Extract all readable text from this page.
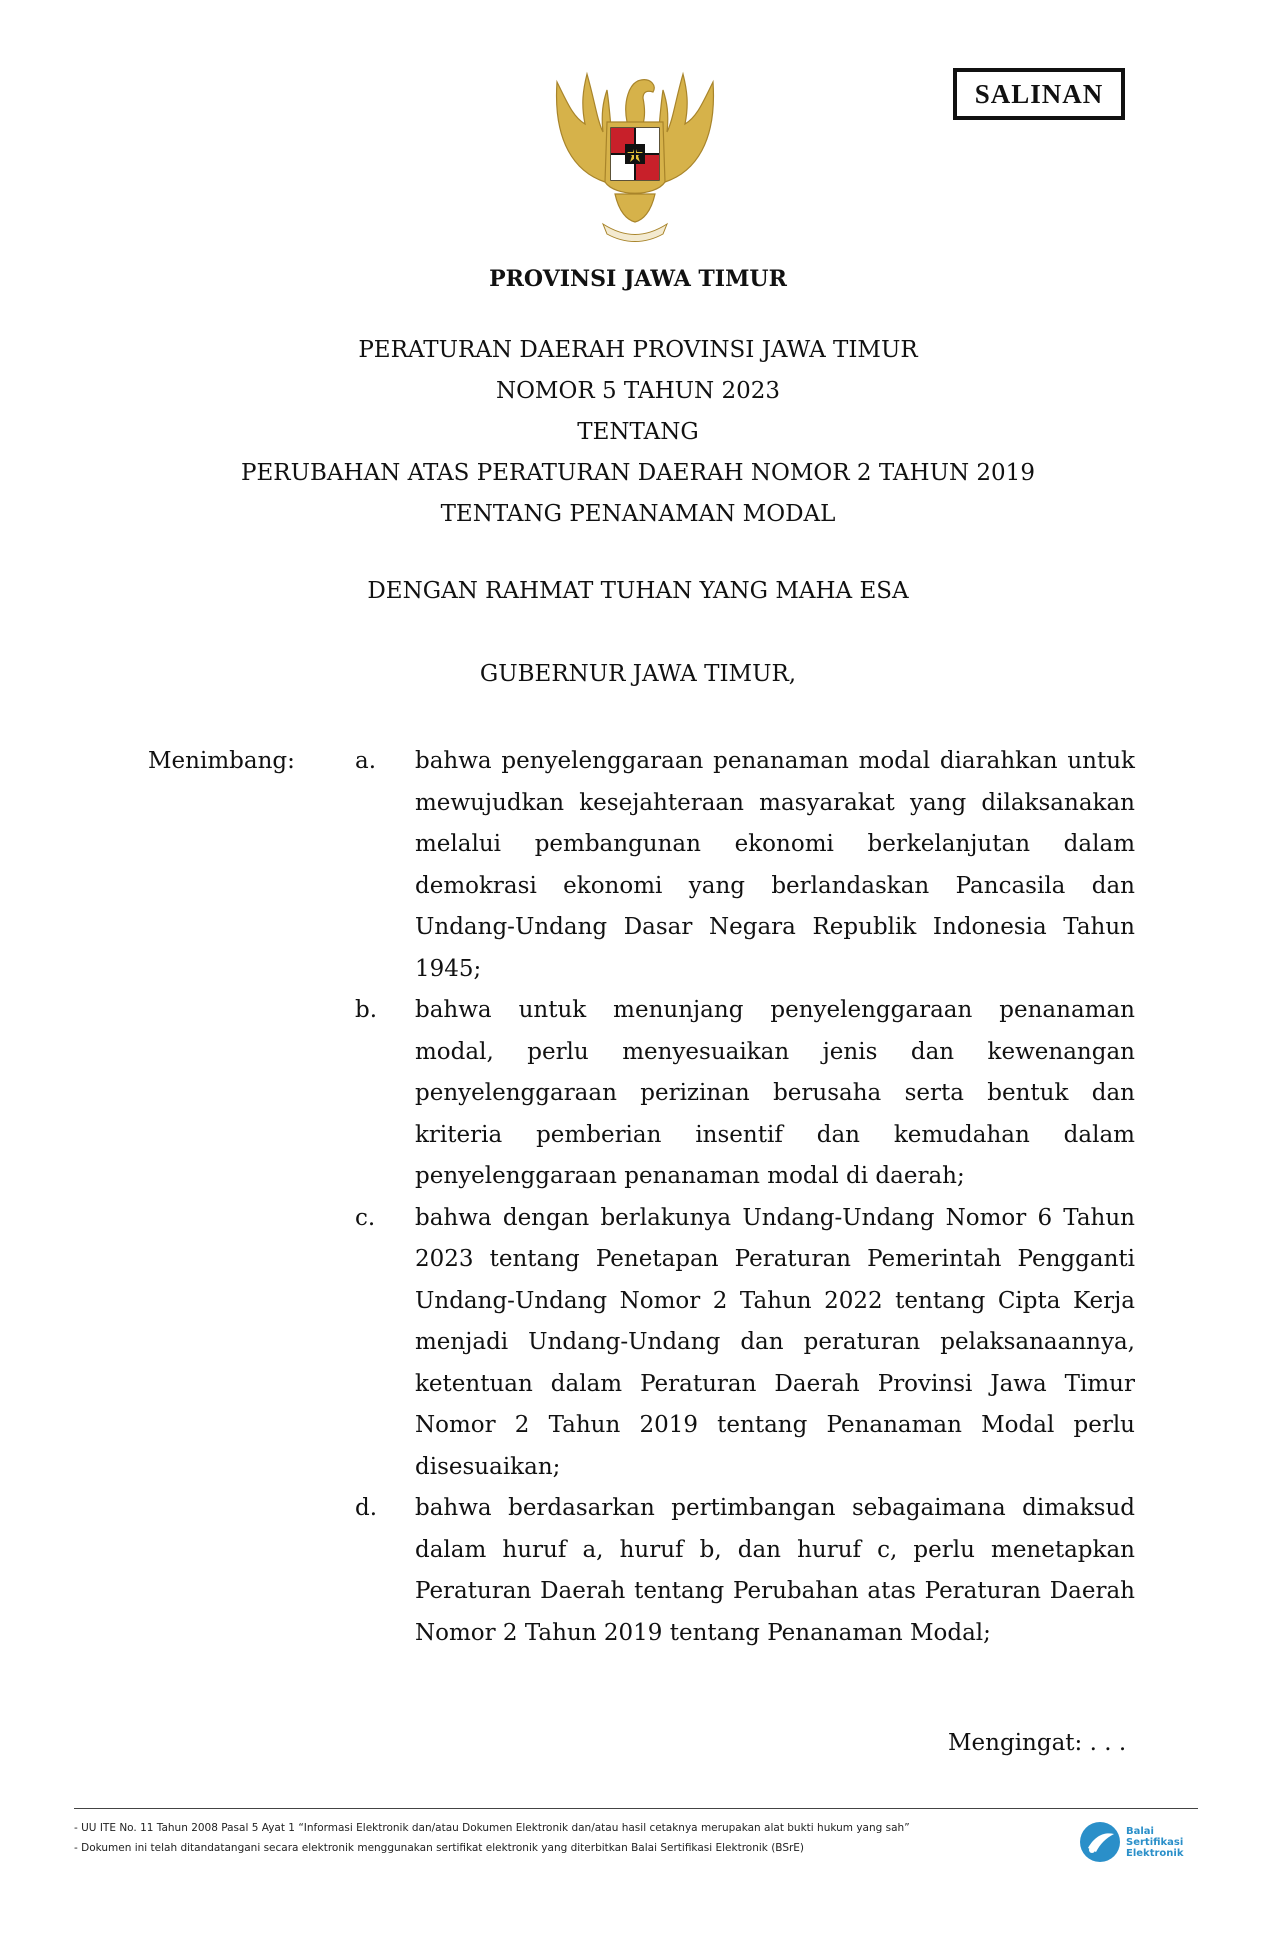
SALINAN
PROVINSI JAWA TIMUR
PERATURAN DAERAH PROVINSI JAWA TIMUR
NOMOR 5 TAHUN 2023
TENTANG
PERUBAHAN ATAS PERATURAN DAERAH NOMOR 2 TAHUN 2019
TENTANG PENANAMAN MODAL
DENGAN RAHMAT TUHAN YANG MAHA ESA
GUBERNUR JAWA TIMUR,
Menimbang:	a.	bahwa penyelenggaraan penanaman modal diarahkan untuk mewujudkan kesejahteraan masyarakat yang dilaksanakan melalui pembangunan ekonomi berkelanjutan dalam demokrasi ekonomi yang berlandaskan Pancasila dan Undang-Undang Dasar Negara Republik Indonesia Tahun 1945;
b.	bahwa untuk menunjang penyelenggaraan penanaman modal, perlu menyesuaikan jenis dan kewenangan penyelenggaraan perizinan berusaha serta bentuk dan kriteria pemberian insentif dan kemudahan dalam penyelenggaraan penanaman modal di daerah;
c.	bahwa dengan berlakunya Undang-Undang Nomor 6 Tahun 2023 tentang Penetapan Peraturan Pemerintah Pengganti Undang-Undang Nomor 2 Tahun 2022 tentang Cipta Kerja menjadi Undang-Undang dan peraturan pelaksanaannya, ketentuan dalam Peraturan Daerah Provinsi Jawa Timur Nomor 2 Tahun 2019 tentang Penanaman Modal perlu disesuaikan;
d.	bahwa berdasarkan pertimbangan sebagaimana dimaksud dalam huruf a, huruf b, dan huruf c, perlu menetapkan Peraturan Daerah tentang Perubahan atas Peraturan Daerah Nomor 2 Tahun 2019 tentang Penanaman Modal;
Mengingat: . . .
- UU ITE No. 11 Tahun 2008 Pasal 5 Ayat 1 “Informasi Elektronik dan/atau Dokumen Elektronik dan/atau hasil cetaknya merupakan alat bukti hukum yang sah”
- Dokumen ini telah ditandatangani secara elektronik menggunakan sertifikat elektronik yang diterbitkan Balai Sertifikasi Elektronik (BSrE)
Balai
Sertifikasi
Elektronik
